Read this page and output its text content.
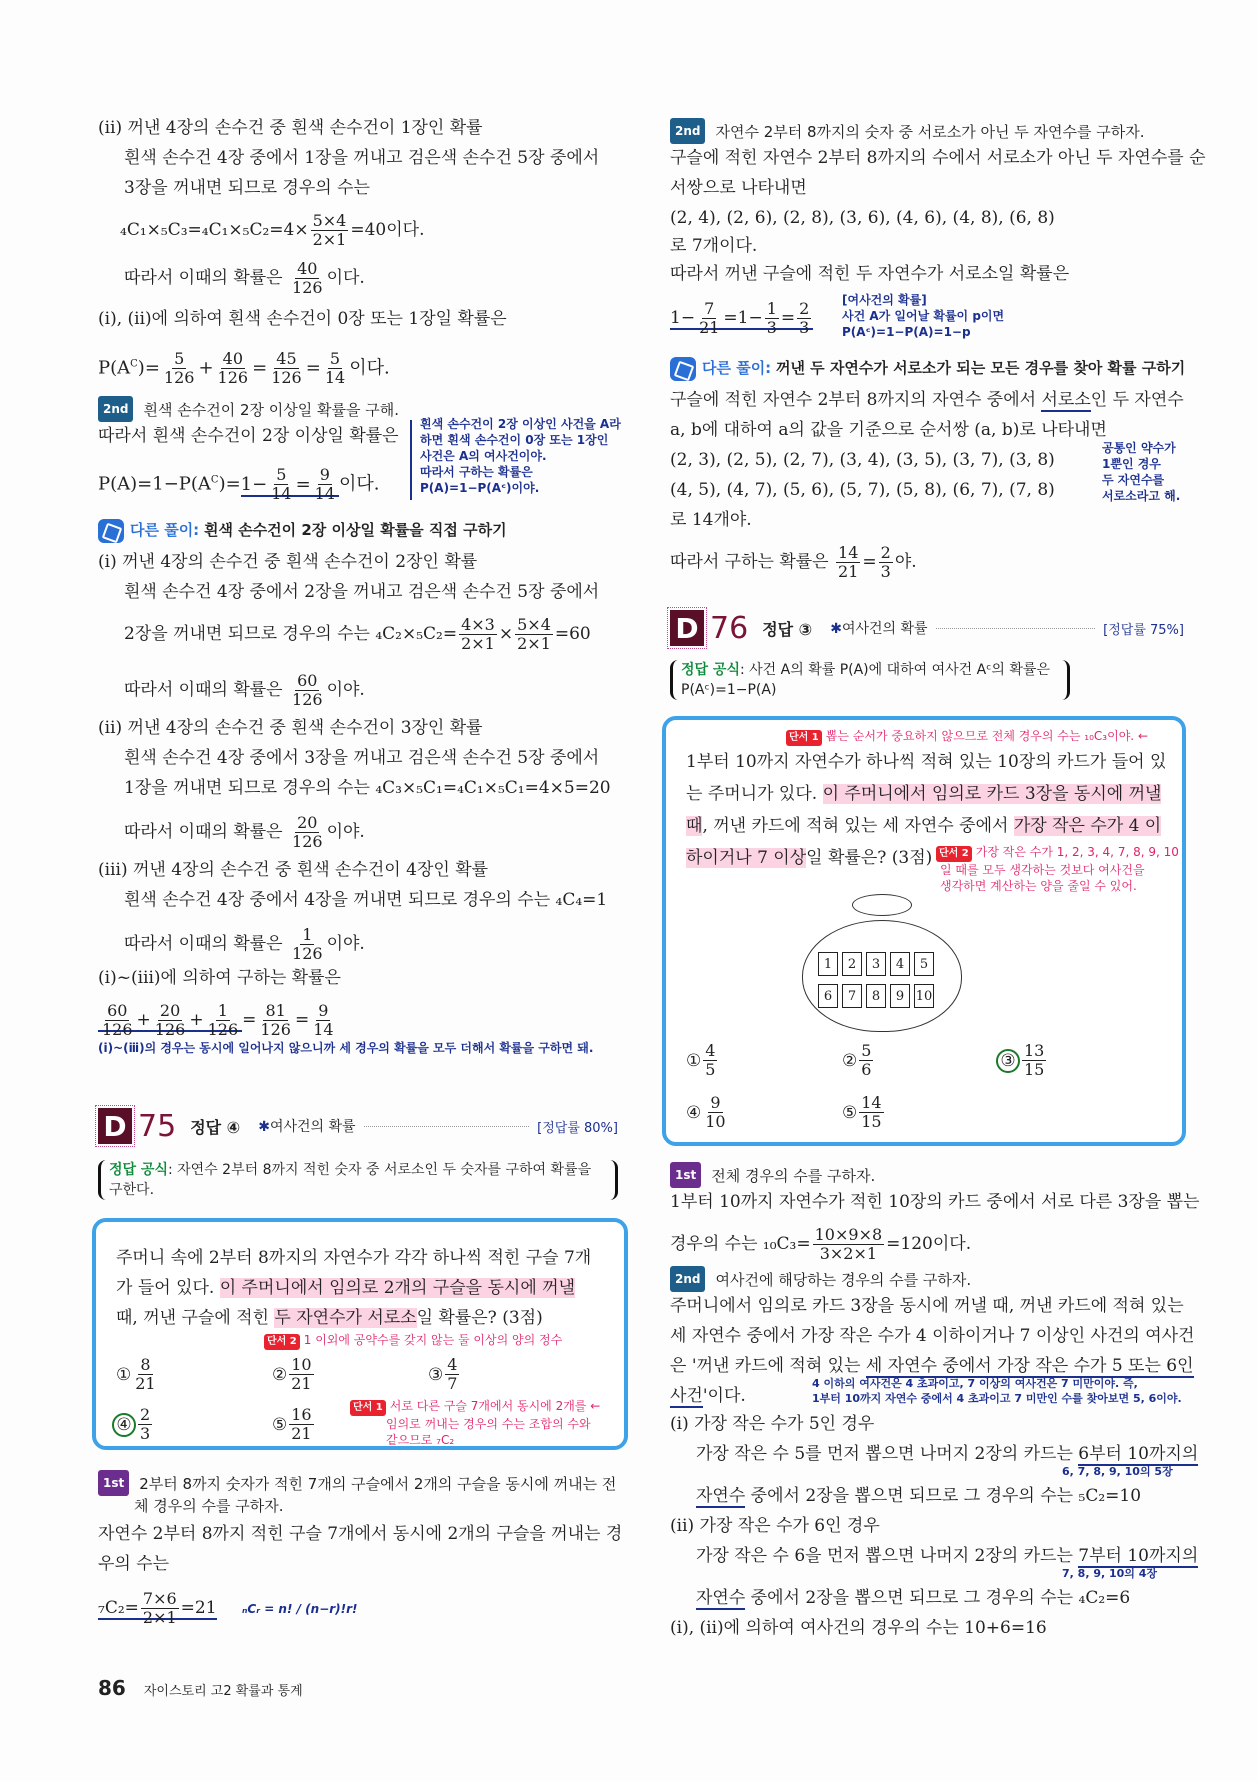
(ⅱ) 꺼낸 4장의 손수건 중 흰색 손수건이 1장인 확률
흰색 손수건 4장 중에서 1장을 꺼내고 검은색 손수건 5장 중에서
3장을 꺼내면 되므로 경우의 수는
$_4C_1\times_5C_3=_4C_1\times_5C_2=4\times \frac{5\times 4}{2\times 1} =40$이다.
따라서 이때의 확률은 $\frac{40}{126}$ 이다.
(ⅰ), (ⅱ)에 의하여 흰색 손수건이 0장 또는 1장일 확률은
$P(A^C)= \frac{5}{126} + \frac{40}{126} = \frac{45}{126} = \frac{5}{14}$ 이다.
2nd 흰색 손수건이 2장 이상일 확률을 구해.
따라서 흰색 손수건이 2장 이상일 확률은
$P(A)=1-P(A^C)=1- \frac{5}{14} = \frac{9}{14}$ 이다.
흰색 손수건이 2장 이상인 사건을 A라
하면 흰색 손수건이 0장 또는 1장인
사건은 A의 여사건이야.
따라서 구하는 확률은
P(A)=1−P(Aᶜ)이야.
다른 풀이: 흰색 손수건이 2장 이상일 확률을 직접 구하기
(ⅰ) 꺼낸 4장의 손수건 중 흰색 손수건이 2장인 확률
흰색 손수건 4장 중에서 2장을 꺼내고 검은색 손수건 5장 중에서
2장을 꺼내면 되므로 경우의 수는 $_4C_2\times_5C_2= \frac{4\times 3}{2\times 1} \times \frac{5\times 4}{2\times 1} =60$
따라서 이때의 확률은 $\frac{60}{126}$ 이야.
(ⅱ) 꺼낸 4장의 손수건 중 흰색 손수건이 3장인 확률
흰색 손수건 4장 중에서 3장을 꺼내고 검은색 손수건 5장 중에서
1장을 꺼내면 되므로 경우의 수는 ₄C₃×₅C₁=₄C₁×₅C₁=4×5=20
따라서 이때의 확률은 $\frac{20}{126}$ 이야.
(ⅲ) 꺼낸 4장의 손수건 중 흰색 손수건이 4장인 확률
흰색 손수건 4장 중에서 4장을 꺼내면 되므로 경우의 수는 ₄C₄=1
따라서 이때의 확률은 $\frac{1}{126}$ 이야.
(ⅰ)~(ⅲ)에 의하여 구하는 확률은
$\frac{60}{126} + \frac{20}{126} + \frac{1}{126} = \frac{81}{126} = \frac{9}{14}$
(ⅰ)~(ⅲ)의 경우는 동시에 일어나지 않으니까 세 경우의 확률을 모두 더해서 확률을 구하면 돼.
D 75 정답 ④ ✱여사건의 확률	[정답률 80%]
정답 공식: 자연수 2부터 8까지 적힌 숫자 중 서로소인 두 숫자를 구하여 확률을
구한다.
주머니 속에 2부터 8까지의 자연수가 각각 하나씩 적힌 구슬 7개
가 들어 있다. 이 주머니에서 임의로 2개의 구슬을 동시에 꺼낼
때, 꺼낸 구슬에 적힌 두 자연수가 서로소일 확률은? (3점)
단서 2 1 이외에 공약수를 갖지 않는 둘 이상의 양의 정수
① $\frac{8}{21}$	② $\frac{10}{21}$	③ $\frac{4}{7}$
④ $\frac{2}{3}$	⑤ $\frac{16}{21}$	단서 1 서로 다른 구슬 7개에서 동시에 2개를 ←
임의로 꺼내는 경우의 수는 조합의 수와
같으므로 ₇C₂
1st 2부터 8까지 숫자가 적힌 7개의 구슬에서 2개의 구슬을 동시에 꺼내는 전
체 경우의 수를 구하자.
자연수 2부터 8까지 적힌 구슬 7개에서 동시에 2개의 구슬을 꺼내는 경
우의 수는
$_7C_2= \frac{7\times 6}{2\times 1} =21$ ₙCᵣ = n! / (n−r)!r!
86 자이스토리 고2 확률과 통계
2nd 자연수 2부터 8까지의 숫자 중 서로소가 아닌 두 자연수를 구하자.
구슬에 적힌 자연수 2부터 8까지의 수에서 서로소가 아닌 두 자연수를 순
서쌍으로 나타내면
(2, 4), (2, 6), (2, 8), (3, 6), (4, 6), (4, 8), (6, 8)
로 7개이다.
따라서 꺼낸 구슬에 적힌 두 자연수가 서로소일 확률은
$1- \frac{7}{21} =1- \frac{1}{3} = \frac{2}{3}$	[여사건의 확률]
사건 A가 일어날 확률이 p이면
P(Aᶜ)=1−P(A)=1−p
다른 풀이: 꺼낸 두 자연수가 서로소가 되는 모든 경우를 찾아 확률 구하기
구슬에 적힌 자연수 2부터 8까지의 자연수 중에서 서로소인 두 자연수
a, b에 대하여 a의 값을 기준으로 순서쌍 (a, b)로 나타내면
(2, 3), (2, 5), (2, 7), (3, 4), (3, 5), (3, 7), (3, 8)
(4, 5), (4, 7), (5, 6), (5, 7), (5, 8), (6, 7), (7, 8)
로 14개야.
공통인 약수가
1뿐인 경우
두 자연수를
서로소라고 해.
따라서 구하는 확률은 $\frac{14}{21} = \frac{2}{3}$ 야.
D 76 정답 ③ ✱여사건의 확률	[정답률 75%]
정답 공식: 사건 A의 확률 P(A)에 대하여 여사건 Aᶜ의 확률은
P(Aᶜ)=1−P(A)
단서 1 뽑는 순서가 중요하지 않으므로 전체 경우의 수는 ₁₀C₃이야. ←
1부터 10까지 자연수가 하나씩 적혀 있는 10장의 카드가 들어 있
는 주머니가 있다. 이 주머니에서 임의로 카드 3장을 동시에 꺼낼
때, 꺼낸 카드에 적혀 있는 세 자연수 중에서 가장 작은 수가 4 이
하이거나 7 이상일 확률은? (3점) 단서 2 가장 작은 수가 1, 2, 3, 4, 7, 8, 9, 10
일 때를 모두 생각하는 것보다 여사건을
생각하면 계산하는 양을 줄일 수 있어.
1	2	3	4	5
6	7	8	9 10
① $\frac{4}{5}$	② $\frac{5}{6}$	③ $\frac{13}{15}$
④ $\frac{9}{10}$	⑤ $\frac{14}{15}$
1st 전체 경우의 수를 구하자.
1부터 10까지 자연수가 적힌 10장의 카드 중에서 서로 다른 3장을 뽑는
경우의 수는 $_{10}C_3= \frac{10\times 9\times 8}{3\times 2\times 1} =120$이다.
2nd 여사건에 해당하는 경우의 수를 구하자.
주머니에서 임의로 카드 3장을 동시에 꺼낼 때, 꺼낸 카드에 적혀 있는
세 자연수 중에서 가장 작은 수가 4 이하이거나 7 이상인 사건의 여사건
은 '꺼낸 카드에 적혀 있는 세 자연수 중에서 가장 작은 수가 5 또는 6인
사건'이다.
4 이하의 여사건은 4 초과이고, 7 이상의 여사건은 7 미만이야. 즉,
1부터 10까지 자연수 중에서 4 초과이고 7 미만인 수를 찾아보면 5, 6이야.
(ⅰ) 가장 작은 수가 5인 경우
가장 작은 수 5를 먼저 뽑으면 나머지 2장의 카드는 6부터 10까지의
6, 7, 8, 9, 10의 5장
자연수 중에서 2장을 뽑으면 되므로 그 경우의 수는 ₅C₂=10
(ⅱ) 가장 작은 수가 6인 경우
가장 작은 수 6을 먼저 뽑으면 나머지 2장의 카드는 7부터 10까지의
7, 8, 9, 10의 4장
자연수 중에서 2장을 뽑으면 되므로 그 경우의 수는 ₄C₂=6
(ⅰ), (ⅱ)에 의하여 여사건의 경우의 수는 10+6=16
